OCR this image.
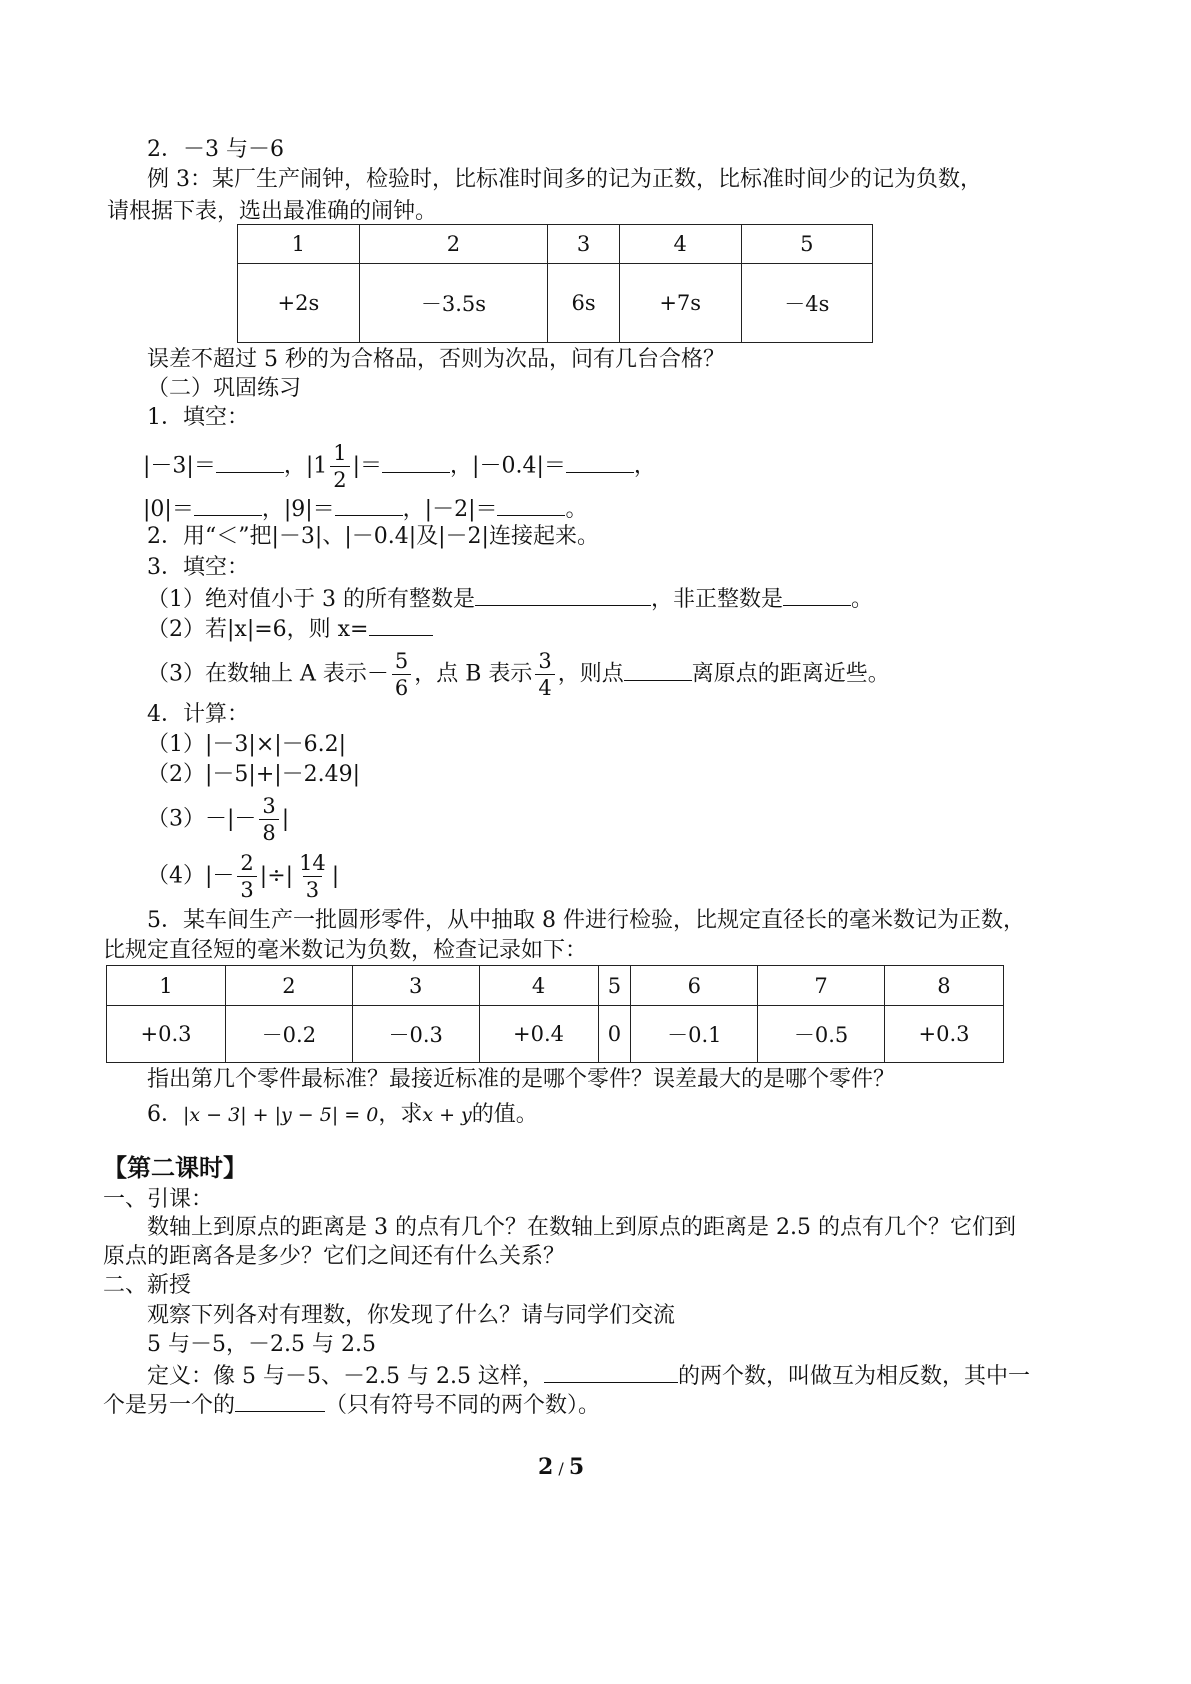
2．－3 与－6
例 3：某厂生产闹钟，检验时，比标准时间多的记为正数，比标准时间少的记为负数，
请根据下表，选出最准确的闹钟。
1	2	3	4	5
+2s	－3.5s	6s	+7s	－4s
误差不超过 5 秒的为合格品，否则为次品，问有几台合格？
（二）巩固练习
1．填空：
|－3|＝	，$|1 \frac{1}{2}$ |＝	，|－0.4|＝	，
|0|＝	，|9|＝	，|－2|＝	。
2．用“＜”把|－3|、|－0.4|及|－2|连接起来。
3．填空：
（1）绝对值小于 3 的所有整数是	，非正整数是	。
（2）若|x|=6，则 x=
（3）在数轴上 A 表示－ $\frac{5}{6}$ ，点 B 表示 $\frac{3}{4}$ ，则点	离原点的距离近些。
4．计算：
（1）|－3|×|－6.2|
（2）|－5|+|－2.49|
$(3)-|- \frac{3}{8}$ |
$(4)|- \frac{2}{3}$ |÷| $\frac{14}{3}$ |
5．某车间生产一批圆形零件，从中抽取 8 件进行检验，比规定直径长的毫米数记为正数，
比规定直径短的毫米数记为负数，检查记录如下：
1	2	3	4	5	6	7	8
+0.3	－0.2	－0.3	+0.4	0	－0.1	－0.5	+0.3
指出第几个零件最标准？最接近标准的是哪个零件？误差最大的是哪个零件？
6．|x − 3| + |y − 5| = 0，求x + y的值。
【第二课时】
一、引课：
数轴上到原点的距离是 3 的点有几个？在数轴上到原点的距离是 2.5 的点有几个？它们到
原点的距离各是多少？它们之间还有什么关系？
二、新授
观察下列各对有理数，你发现了什么？请与同学们交流
5 与－5，－2.5 与 2.5
定义：像 5 与－5、－2.5 与 2.5 这样，	的两个数，叫做互为相反数，其中一
个是另一个的	（只有符号不同的两个数）。
2 / 5
